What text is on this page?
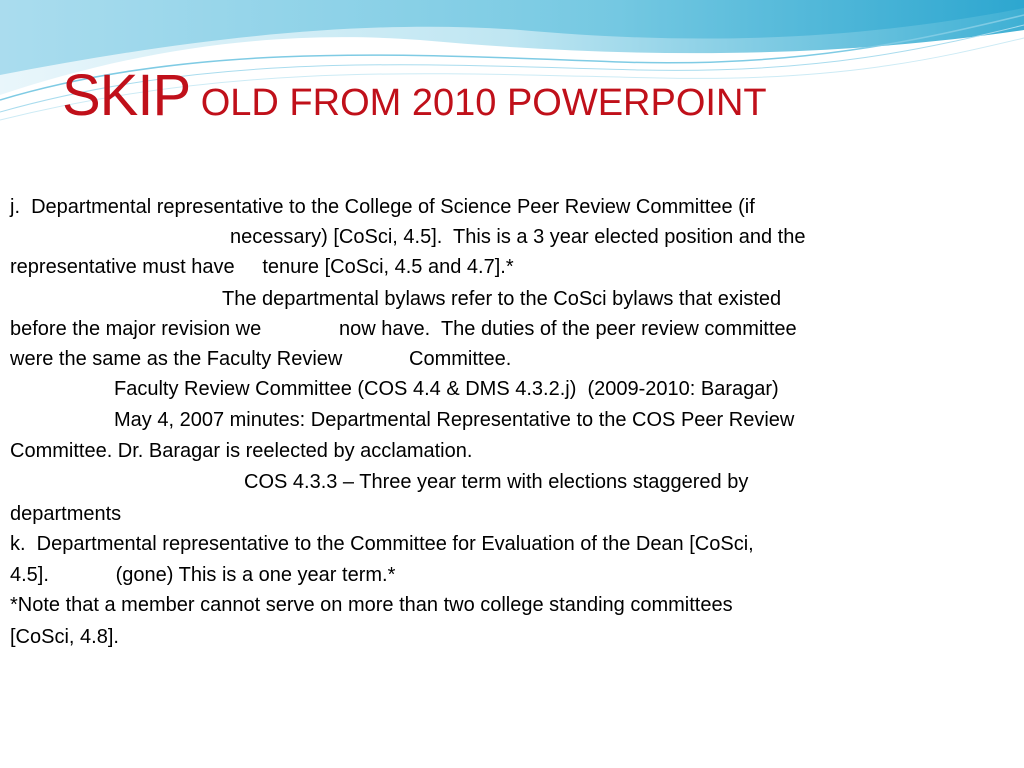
SKIP OLD FROM 2010 POWERPOINT
j.  Departmental representative to the College of Science Peer Review Committee (if
necessary) [CoSci, 4.5].  This is a 3 year elected position and the
representative must have     tenure [CoSci, 4.5 and 4.7].*
The departmental bylaws refer to the CoSci bylaws that existed
before the major revision we              now have.  The duties of the peer review committee
were the same as the Faculty Review            Committee.
Faculty Review Committee (COS 4.4 & DMS 4.3.2.j)  (2009-2010: Baragar)
May 4, 2007 minutes: Departmental Representative to the COS Peer Review
Committee. Dr. Baragar is reelected by acclamation.
COS 4.3.3 – Three year term with elections staggered by
departments
k.  Departmental representative to the Committee for Evaluation of the Dean [CoSci,
4.5].            (gone) This is a one year term.*
*Note that a member cannot serve on more than two college standing committees
[CoSci, 4.8].
